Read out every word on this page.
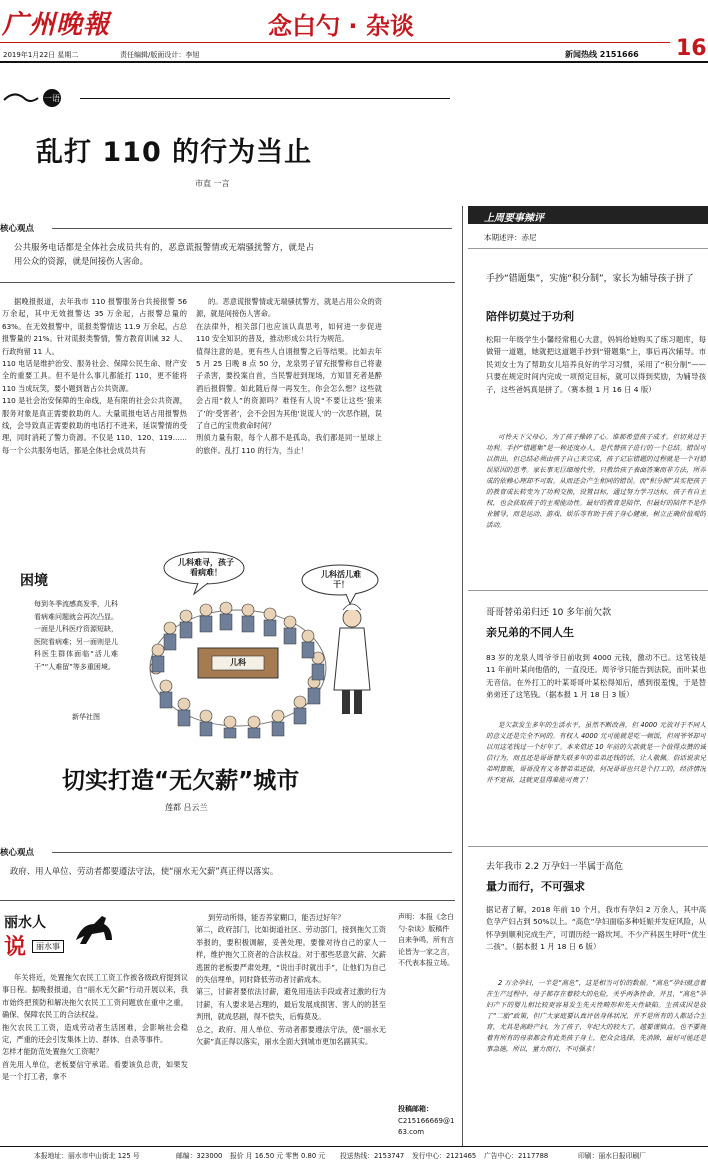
广州晚報	念白勺 · 杂谈
16
2019年1月22日 星期二	责任编辑/版面设计：李旭	新闻热线 2151666
一语
乱打 110 的行为当止
市直 一言
核心观点
公共服务电话都是全体社会成员共有的，恶意谎报警情或无端骚扰警方，就是占用公众的资源，就是间接伤人害命。
据晚报报道，去年我市 110 报警服务台共接报警 56 万余起，其中无效报警达 35 万余起，占报警总量的 63%。在无效报警中，谎报类警情达 11.9 万余起，占总报警量的 21%。针对谎报类警情，警方教育训诫 32 人、行政拘留 11 人。
110 电话是维护治安、服务社会、保障公民生命、财产安全的重要工具。但不是什么事儿都能打 110，更不能将 110 当成玩笑，要小题到谐占公共资源。
110 是社会治安保障的生命线，是有限的社会公共资源，服务对象是真正需要救助的人。大量谎报电话占用报警热线，会导致真正需要救助的电话打不进来，延误警情的受理，同时消耗了警力资源。不仅是 110、120、119……每一个公共服务电话，都是全体社会成员共有
的。恶意谎报警情或无端骚扰警方，就是占用公众的资源，就是间接伤人害命。
在法律外，相关部门也应该认真思考，如何进一步促进 110 安全知识的普及，推动形成公共行为规范。
值得注意的是，更有些人自诩报警之后等结果。比如去年 5 月 25 日晚 8 点 50 分，龙泉男子冒充报警称自己将妻子杀害，要投案自首，当民警赶到现场，方知冒充者是醉酒后报假警。如此随后得一再发生，你会怎么想？这些就会占用“救人”的资源吗？难怪有人说“不要让这些‘狼来了’的‘受害者’，会不会因为其他‘说谎人’的一次恶作剧，误了自己的宝贵救命时间？
刑侦力量有限，每个人都不是孤岛，我们都是同一星球上的旅伴。乱打 110 的行为，当止！
困境
每到冬季流感高发季，儿科看病难问题就会再次凸显。一面是儿科医疗资源短缺，医院看病难；另一面则是儿科医生群体面临“活儿难干”“人难留”等多重困境。
新华社图
儿科难寻，孩子看病难！	儿科活儿难干！
儿科
切实打造“无欠薪”城市
莲都 吕云兰
核心观点
政府、用人单位、劳动者都要遵法守法，使“丽水无欠薪”真正得以落实。
丽水人
说	丽水事
年关将近，处置拖欠农民工工资工作被各级政府提到议事日程。据晚报报道，自“丽水无欠薪”行动开展以来，我市始终把预防和解决拖欠农民工工资问题放在重中之重，确保、保障农民工的合法权益。
拖欠农民工工资，造成劳动者生活困难，会影响社会稳定，严重的还会引发集体上访、群体、自杀等事件。
怎样才能防范处置拖欠工资呢？
首先用人单位，老板要信守承诺。看要该负总责，如果发是一个打工者，拿不
到劳动所得，能否养家糊口，能否过好年？
第二，政府部门，比如街道社区、劳动部门，接到拖欠工资举报的，要积极调解，妥善处理。要像对待自己的家人一样，维护拖欠工资者的合法权益。对于那些恶意欠薪、欠薪逃匿的老板要严肃处理，“说出手时就出手”，让他们为自己的失信埋单，同时降低劳动者讨薪成本。
第三，讨薪者要依法讨薪，避免用违法手段或者过激的行为讨薪，有人要求是占理的，最后发展成损害、害人的的甚至判刑，就成恶剧，得不偿失，后悔莫及。
总之，政府、用人单位、劳动者都要遵法守法，使“丽水无欠薪”真正得以落实，丽水全面大到城市更加名副其实。
声明：本报《念白勺·杂谈》版稿件自来争鸣，所有言论皆为一家之言，不代表本报立场。
投稿邮箱：
C215166669@163.com
上周要事辣评
本期述评：赤尼
手抄“错题集”，实施“积分制”，家长为辅导孩子拼了
陪伴切莫过于功利
松阳一年级学生小馨经常粗心大意，妈妈给她购买了练习题库，每做错一道题，她就把这道题手抄到“错题集”上，事后再次辅导。市民刘女士为了帮助女儿培养良好的学习习惯，采用了“积分制”——只要在规定时间内完成一项预定目标，就可以得到奖励，为辅导孩子，这些爸妈真是拼了。（赛本报 1 月 16 日 4 版）
可怜天下父母心，为了孩子操碎了心。谁都希望孩子成才，但切莫过于功利。手抄“错题集”是一种还度办人，是代替孩子进行的一个总结。错误可以指出，但总结必须由孩子自己来完成，孩子记忘错题的过程就是一个对错误原因的思考。家长事无巨细地代劳，只教给孩子表面答案而非方法，所养成的依赖心理却不可取。从而还会产生相同的错误。而“积分制”其实把孩子的教育成长转变为了功利交换，设置目标，通过努力学习达标，孩子有自主权，也会获取孩子的主观能动性。最好的教育是陪伴，但最好的陪伴不是作业辅导，而是运动、游戏、娱乐等有助于孩子身心健康，树立正确价值观的活动。
哥哥替弟弟归还 10 多年前欠款
亲兄弟的不同人生
83 岁的龙泉人周爷爷日前收到 4000 元钱，激动不已。这笔钱是 11 年前叶某向他借的，一直没还。周爷爷只能告到法院，而叶某也无音信。在外打工的叶某哥哥叶某松得知后，感到很羞愧，于是替弟弟还了这笔钱。（据本报 1 月 18 日 3 版）
是欠款发生多年的生活水平，虽然不断改善，但 4000 元放对于不同人的意义还是完全不同的。有权人 4000 元可能就是吃一顿饭，但周爷爷却可以用这笔钱过一个好年了。本来借还 10 年前的欠款就是一个值得点赞的诚信行为，而且还是哥哥替失联多年的弟弟还钱的话，让人敬佩。俗话说亲兄弟明算账，哥哥没有义务替弟弟还债，何况哥哥也只是个打工的，经济情况并不宽裕，这就更显得难能可贵了！
去年我市 2.2 万孕妇一半属于高危
量力而行，不可强求
据记者了解，2018 年前 10 个月，我市有孕妇 2 万余人，其中高危孕产妇占到 50%以上。“高危”孕妇面临多种妊娠并发症风险，从怀孕到顺利完成生产，可谓历经一路坎坷。不少产科医生呼吁“优生二孩”。（据本报 1 月 18 日 6 版）
2 万余孕妇，一半是“高危”，这是相当可怕的数据。“高危”孕妇就意着在生产过程中，母子都存在着较大的危险，关乎两条性命。并且，“高危”孕妇产下的婴儿相比较更容易发生先天性畸形和先天性缺陷。生孩成因是放了“二胎”政策，但广大家庭要认真评估身体状况，并不是所有的人都适合生育，尤其是高龄产妇，为了孩子，年纪大的较大了，越要谨慎点。也不要视着有所有的母亲都会有此类孩子身上，把众会选择，先消除，最好可能还是事急施，所以，量力而行，不可强求！
本报地址：丽水市中山街北 125 号	邮编：323000 报价 月 16.50 元 零售 0.80 元 投送热线：2153747 发行中心：2121465 广告中心：2117788	印刷：丽水日报印刷厂
